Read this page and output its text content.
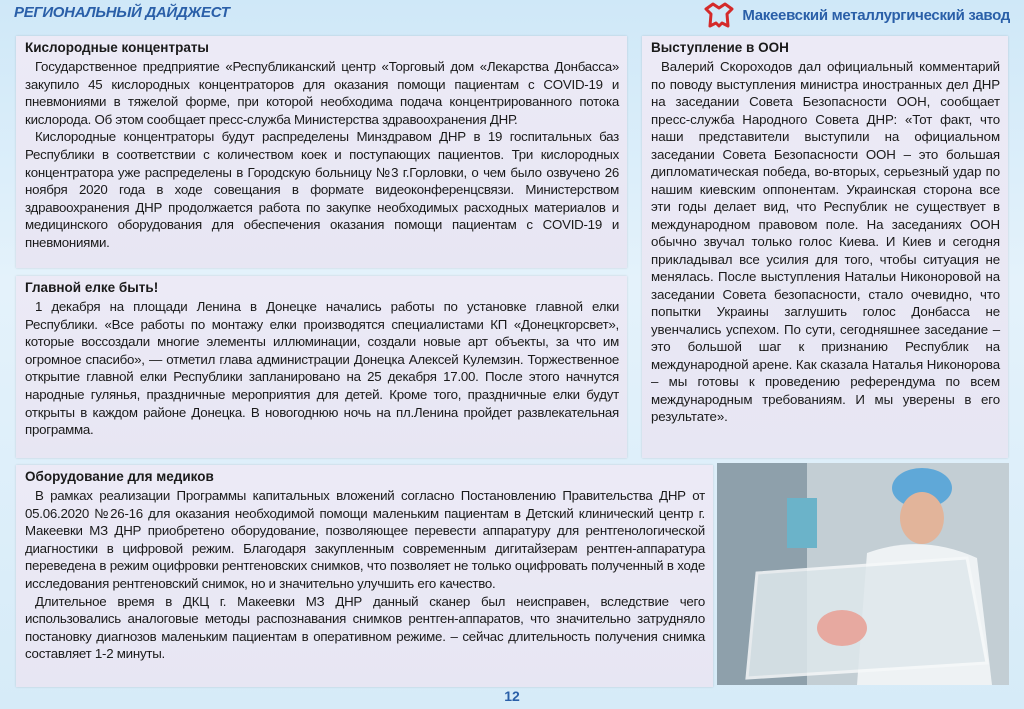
РЕГИОНАЛЬНЫЙ ДАЙДЖЕСТ	Макеевский металлургический завод
Кислородные концентраты

Государственное предприятие «Республиканский центр «Торговый дом «Лекарства Донбасса» закупило 45 кислородных концентраторов для оказания помощи пациентам с COVID-19 и пневмониями в тяжелой форме, при которой необходима подача концентрированного потока кислорода. Об этом сообщает пресс-служба Министерства здравоохранения ДНР.

Кислородные концентраторы будут распределены Минздравом ДНР в 19 госпитальных баз Республики в соответствии с количеством коек и поступающих пациентов. Три кислородных концентратора уже распределены в Городскую больницу №3 г.Горловки, о чем было озвучено 26 ноября 2020 года в ходе совещания в формате видеоконференцсвязи. Министерством здравоохранения ДНР продолжается работа по закупке необходимых расходных материалов и медицинского оборудования для обеспечения оказания помощи пациентам с COVID-19 и пневмониями.

Главной елке быть!

1 декабря на площади Ленина в Донецке начались работы по установке главной елки Республики. «Все работы по монтажу елки производятся специалистами КП «Донецкгорсвет», которые воссоздали многие элементы иллюминации, создали новые арт объекты, за что им огромное спасибо», — отметил глава администрации Донецка Алексей Кулемзин. Торжественное открытие главной елки Республики запланировано на 25 декабря 17.00. После этого начнутся народные гулянья, праздничные мероприятия для детей. Кроме того, праздничные елки будут открыты в каждом районе Донецка. В новогоднюю ночь на пл.Ленина пройдет развлекательная программа.

Выступление в ООН

Валерий Скороходов дал официальный комментарий по поводу выступления министра иностранных дел ДНР на заседании Совета Безопасности ООН, сообщает пресс-служба Народного Совета ДНР: «Тот факт, что наши представители выступили на официальном заседании Совета Безопасности ООН – это большая дипломатическая победа, во-вторых, серьезный удар по нашим киевским оппонентам. Украинская сторона все эти годы делает вид, что Республик не существует в международном правовом поле. На заседаниях ООН обычно звучал только голос Киева. И Киев и сегодня прикладывал все усилия для того, чтобы ситуация не менялась. После выступления Натальи Никоноровой на заседании Совета безопасности, стало очевидно, что попытки Украины заглушить голос Донбасса не увенчались успехом. По сути, сегодняшнее заседание – это большой шаг к признанию Республик на международной арене. Как сказала Наталья Никонорова – мы готовы к проведению референдума по всем международным требованиям. И мы уверены в его результате».

Оборудование для медиков

В рамках реализации Программы капитальных вложений согласно Постановлению Правительства ДНР от 05.06.2020 №26-16 для оказания необходимой помощи маленьким пациентам в Детский клинический центр г. Макеевки МЗ ДНР приобретено оборудование, позволяющее перевести аппаратуру для рентгенологической диагностики в цифровой режим. Благодаря закупленным современным дигитайзерам рентген-аппаратура переведена в режим оцифровки рентгеновских снимков, что позволяет не только оцифровать полученный в ходе исследования рентгеновский снимок, но и значительно улучшить его качество.

Длительное время в ДКЦ г. Макеевки МЗ ДНР данный сканер был неисправен, вследствие чего использовались аналоговые методы распознавания снимков рентген-аппаратов, что значительно затрудняло постановку диагнозов маленьким пациентам в оперативном режиме. – сейчас длительность получения снимка составляет 1-2 минуты.

12
